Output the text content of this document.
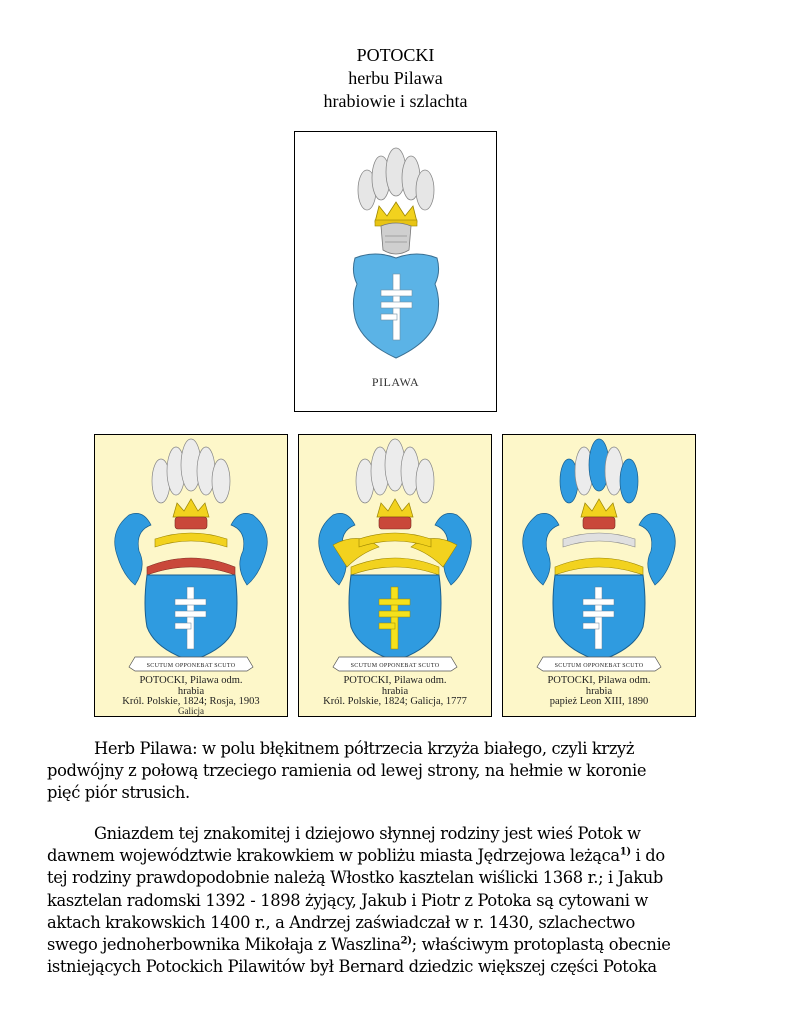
POTOCKI
herbu Pilawa
hrabiowie i szlachta
PILAWA
SCUTUM OPPONEBAT SCUTO
POTOCKI, Pilawa odm.
hrabia
Król. Polskie, 1824; Rosja, 1903
Galicja
SCUTUM OPPONEBAT SCUTO
POTOCKI, Pilawa odm.
hrabia
Król. Polskie, 1824; Galicja, 1777
SCUTUM OPPONEBAT SCUTO
POTOCKI, Pilawa odm.
hrabia
papież Leon XIII, 1890
Herb Pilawa: w polu błękitnem półtrzecia krzyża białego, czyli krzyż
podwójny z połową trzeciego ramienia od lewej strony, na hełmie w koronie
pięć piór strusich.
Gniazdem tej znakomitej i dziejowo słynnej rodziny jest wieś Potok w
dawnem województwie krakowkiem w pobliżu miasta Jędrzejowa leżąca$^{1)}$ i do
tej rodziny prawdopodobnie należą Włostko kasztelan wiślicki 1368 r.; i Jakub
kasztelan radomski 1392 - 1898 żyjący, Jakub i Piotr z Potoka są cytowani w
aktach krakowskich 1400 r., a Andrzej zaświadczał w r. 1430, szlachectwo
swego jednoherbownika Mikołaja z Waszlina$^{2)}$; właściwym protoplastą obecnie
istniejących Potockich Pilawitów był Bernard dziedzic większej części Potoka
